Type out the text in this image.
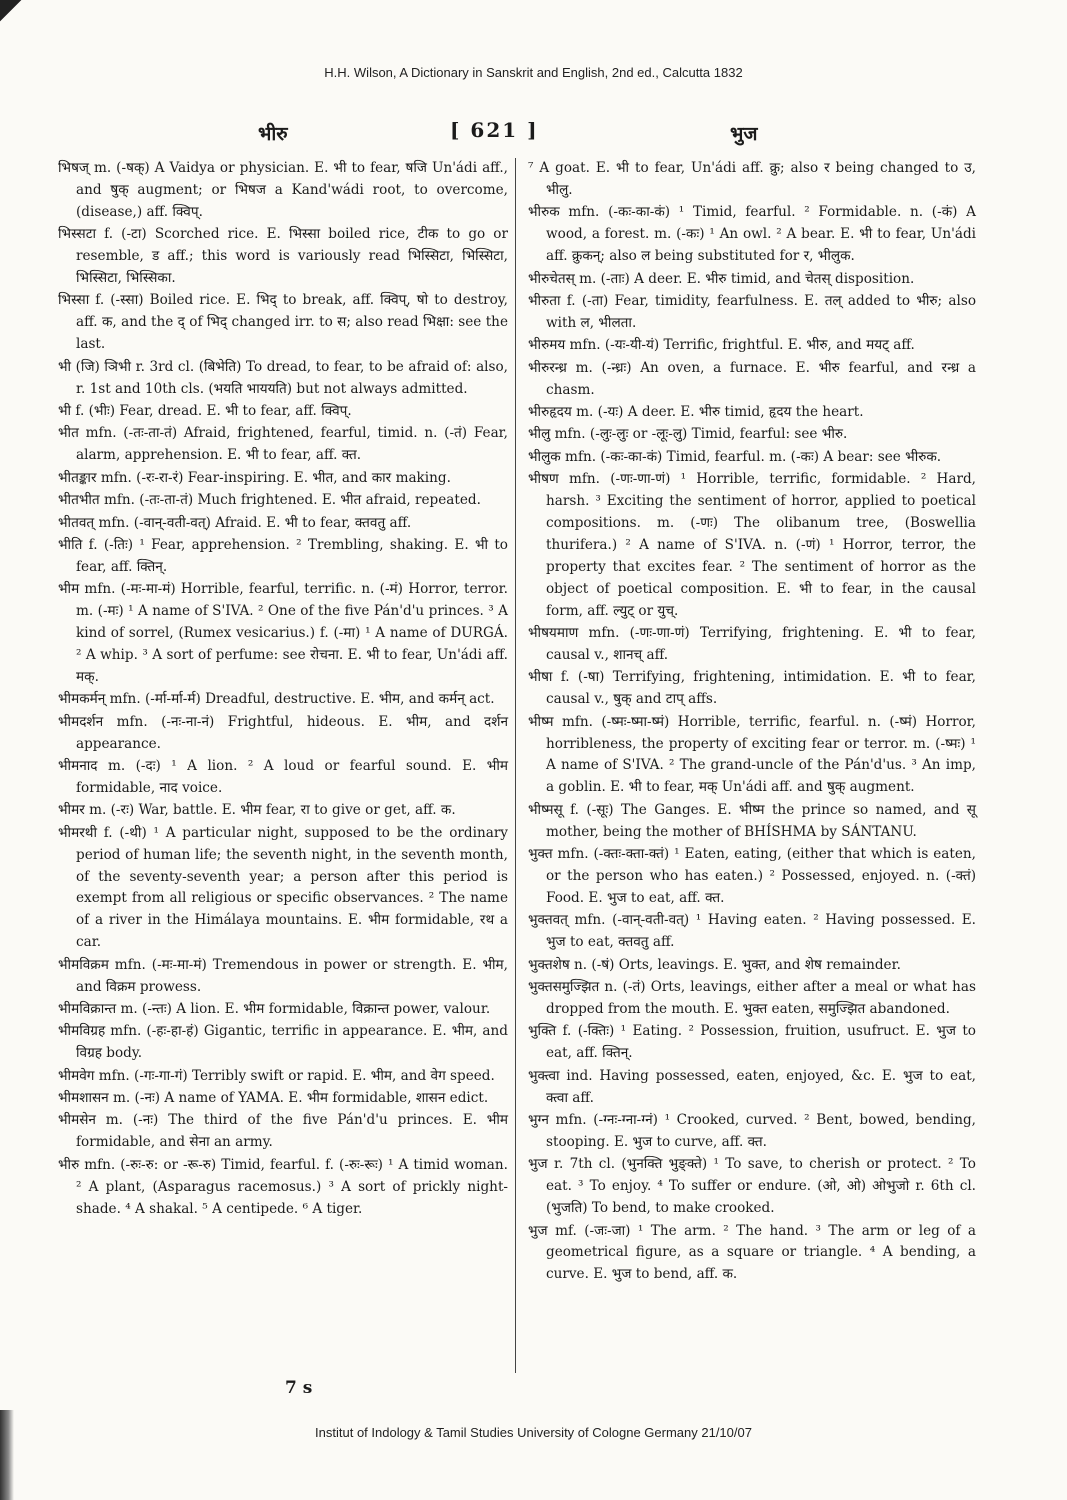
H.H. Wilson, A Dictionary in Sanskrit and English, 2nd ed., Calcutta 1832
भीरु	[ 621 ]	भुज

भिषज् m. (-षक्) A Vaidya or physician. E. भी to fear, षजि Un'ádi aff., and षुक् augment; or भिषज a Kand'wádi root, to overcome, (disease,) aff. क्विप्.

भिस्सटा f. (-टा) Scorched rice. E. भिस्सा boiled rice, टीक to go or resemble, ड aff.; this word is variously read भिस्सिटा, भिस्सिटा, भिस्सिटा, भिस्सिका.

भिस्सा f. (-स्सा) Boiled rice. E. भिद् to break, aff. क्विप्, षो to destroy, aff. क, and the द् of भिद् changed irr. to स; also read भिक्षा: see the last.

भी (जि) ञिभी r. 3rd cl. (बिभेति) To dread, to fear, to be afraid of: also, r. 1st and 10th cls. (भयति भाययति) but not always admitted.

भी f. (भीः) Fear, dread. E. भी to fear, aff. क्विप्.

भीत mfn. (-तः-ता-तं) Afraid, frightened, fearful, timid. n. (-तं) Fear, alarm, apprehension. E. भी to fear, aff. क्त.

भीतङ्कार mfn. (-रः-रा-रं) Fear-inspiring. E. भीत, and कार making.

भीतभीत mfn. (-तः-ता-तं) Much frightened. E. भीत afraid, repeated.

भीतवत् mfn. (-वान्-वती-वत्) Afraid. E. भी to fear, क्तवतु aff.

भीति f. (-तिः) ¹ Fear, apprehension. ² Trembling, shaking. E. भी to fear, aff. क्तिन्.

भीम mfn. (-मः-मा-मं) Horrible, fearful, terrific. n. (-मं) Horror, terror. m. (-मः) ¹ A name of S'IVA. ² One of the five Pán'd'u princes. ³ A kind of sorrel, (Rumex vesicarius.) f. (-मा) ¹ A name of DURGÁ. ² A whip. ³ A sort of perfume: see रोचना. E. भी to fear, Un'ádi aff. मक्.

भीमकर्मन् mfn. (-र्मा-र्मा-र्म) Dreadful, destructive. E. भीम, and कर्मन् act.

भीमदर्शन mfn. (-नः-ना-नं) Frightful, hideous. E. भीम, and दर्शन appearance.

भीमनाद m. (-दः) ¹ A lion. ² A loud or fearful sound. E. भीम formidable, नाद voice.

भीमर m. (-रः) War, battle. E. भीम fear, रा to give or get, aff. क.

भीमरथी f. (-थी) ¹ A particular night, supposed to be the ordinary period of human life; the seventh night, in the seventh month, of the seventy-seventh year; a person after this period is exempt from all religious or specific observances. ² The name of a river in the Himálaya mountains. E. भीम formidable, रथ a car.

भीमविक्रम mfn. (-मः-मा-मं) Tremendous in power or strength. E. भीम, and विक्रम prowess.

भीमविक्रान्त m. (-न्तः) A lion. E. भीम formidable, विक्रान्त power, valour.

भीमविग्रह mfn. (-हः-हा-हं) Gigantic, terrific in appearance. E. भीम, and विग्रह body.

भीमवेग mfn. (-गः-गा-गं) Terribly swift or rapid. E. भीम, and वेग speed.

भीमशासन m. (-नः) A name of YAMA. E. भीम formidable, शासन edict.

भीमसेन m. (-नः) The third of the five Pán'd'u princes. E. भीम formidable, and सेना an army.

भीरु mfn. (-रुः-रु: or -रू-रु) Timid, fearful. f. (-रुः-रूः) ¹ A timid woman. ² A plant, (Asparagus racemosus.) ³ A sort of prickly night-shade. ⁴ A shakal. ⁵ A centipede. ⁶ A tiger.

⁷ A goat. E. भी to fear, Un'ádi aff. क्रु; also र being changed to उ, भीलु.

भीरुक mfn. (-कः-का-कं) ¹ Timid, fearful. ² Formidable. n. (-कं) A wood, a forest. m. (-कः) ¹ An owl. ² A bear. E. भी to fear, Un'ádi aff. क्रुकन्; also ल being substituted for र, भीलुक.

भीरुचेतस् m. (-ताः) A deer. E. भीरु timid, and चेतस् disposition.

भीरुता f. (-ता) Fear, timidity, fearfulness. E. तल् added to भीरु; also with ल, भीलता.

भीरुमय mfn. (-यः-यी-यं) Terrific, frightful. E. भीरु, and मयट् aff.

भीरुरन्ध्र m. (-न्ध्रः) An oven, a furnace. E. भीरु fearful, and रन्ध्र a chasm.

भीरुहृदय m. (-यः) A deer. E. भीरु timid, हृदय the heart.

भीलु mfn. (-लुः-लुः or -लूः-लु) Timid, fearful: see भीरु.

भीलुक mfn. (-कः-का-कं) Timid, fearful. m. (-कः) A bear: see भीरुक.

भीषण mfn. (-णः-णा-णं) ¹ Horrible, terrific, formidable. ² Hard, harsh. ³ Exciting the sentiment of horror, applied to poetical compositions. m. (-णः) The olibanum tree, (Boswellia thurifera.) ² A name of S'IVA. n. (-णं) ¹ Horror, terror, the property that excites fear. ² The sentiment of horror as the object of poetical composition. E. भी to fear, in the causal form, aff. ल्युट् or युच्.

भीषयमाण mfn. (-णः-णा-णं) Terrifying, frightening. E. भी to fear, causal v., शानच् aff.

भीषा f. (-षा) Terrifying, frightening, intimidation. E. भी to fear, causal v., षुक् and टाप् affs.

भीष्म mfn. (-ष्मः-ष्मा-ष्मं) Horrible, terrific, fearful. n. (-ष्मं) Horror, horribleness, the property of exciting fear or terror. m. (-ष्मः) ¹ A name of S'IVA. ² The grand-uncle of the Pán'd'us. ³ An imp, a goblin. E. भी to fear, मक् Un'ádi aff. and षुक् augment.

भीष्मसू f. (-सूः) The Ganges. E. भीष्म the prince so named, and सू mother, being the mother of BHÍSHMA by SÁNTANU.

भुक्त mfn. (-क्तः-क्ता-क्तं) ¹ Eaten, eating, (either that which is eaten, or the person who has eaten.) ² Possessed, enjoyed. n. (-क्तं) Food. E. भुज to eat, aff. क्त.

भुक्तवत् mfn. (-वान्-वती-वत्) ¹ Having eaten. ² Having possessed. E. भुज to eat, क्तवतु aff.

भुक्तशेष n. (-षं) Orts, leavings. E. भुक्त, and शेष remainder.

भुक्तसमुज्झित n. (-तं) Orts, leavings, either after a meal or what has dropped from the mouth. E. भुक्त eaten, समुज्झित abandoned.

भुक्ति f. (-क्तिः) ¹ Eating. ² Possession, fruition, usufruct. E. भुज to eat, aff. क्तिन्.

भुक्त्वा ind. Having possessed, eaten, enjoyed, &c. E. भुज to eat, क्त्वा aff.

भुग्न mfn. (-ग्नः-ग्ना-ग्नं) ¹ Crooked, curved. ² Bent, bowed, bending, stooping. E. भुज to curve, aff. क्त.

भुज r. 7th cl. (भुनक्ति भुङ्क्ते) ¹ To save, to cherish or protect. ² To eat. ³ To enjoy. ⁴ To suffer or endure. (ओ, ओ) ओभुजो r. 6th cl. (भुजति) To bend, to make crooked.

भुज mf. (-जः-जा) ¹ The arm. ² The hand. ³ The arm or leg of a geometrical figure, as a square or triangle. ⁴ A bending, a curve. E. भुज to bend, aff. क.

7 s
Institut of Indology & Tamil Studies University of Cologne Germany 21/10/07
